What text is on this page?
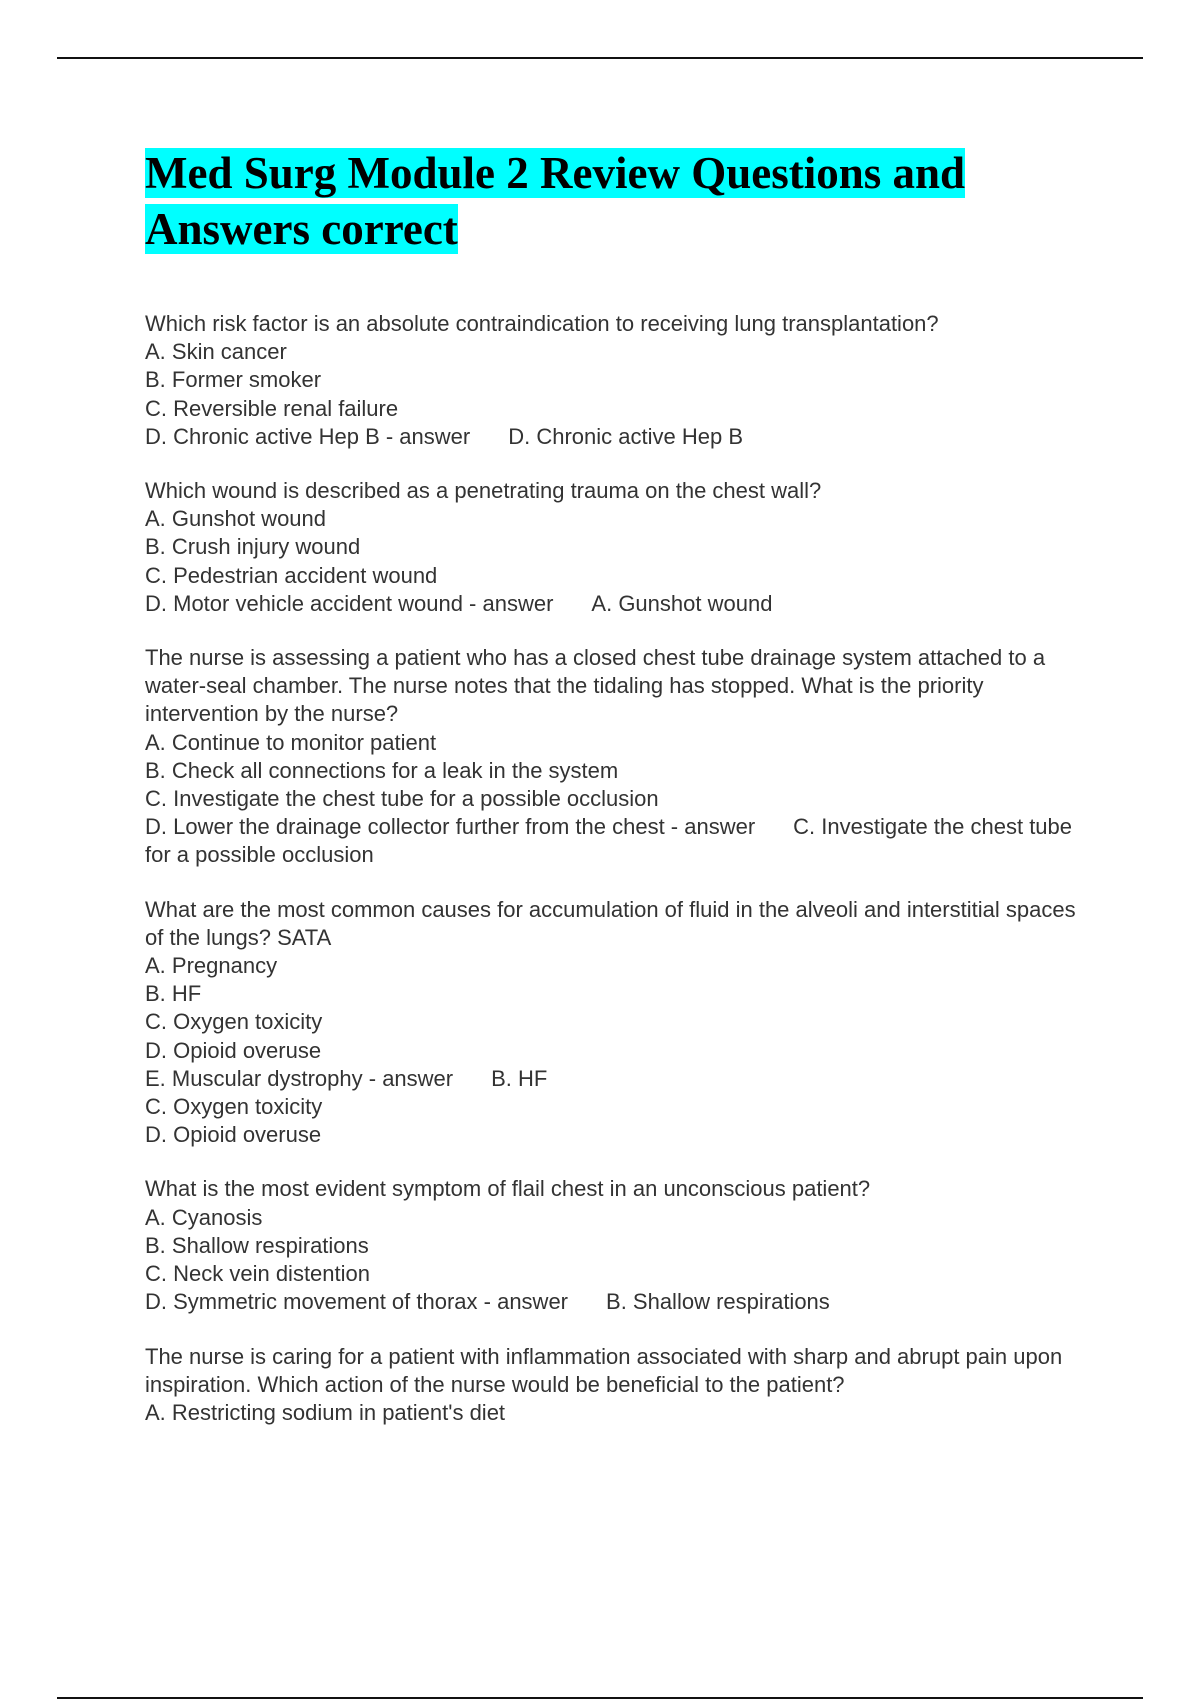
Med Surg Module 2 Review Questions and
Answers correct
Which risk factor is an absolute contraindication to receiving lung transplantation?
A. Skin cancer
B. Former smoker
C. Reversible renal failure
D. Chronic active Hep B - answer D. Chronic active Hep B
Which wound is described as a penetrating trauma on the chest wall?
A. Gunshot wound
B. Crush injury wound
C. Pedestrian accident wound
D. Motor vehicle accident wound - answer A. Gunshot wound
The nurse is assessing a patient who has a closed chest tube drainage system attached to a water-seal chamber. The nurse notes that the tidaling has stopped. What is the priority intervention by the nurse?
A. Continue to monitor patient
B. Check all connections for a leak in the system
C. Investigate the chest tube for a possible occlusion
D. Lower the drainage collector further from the chest - answer C. Investigate the chest tube for a possible occlusion
What are the most common causes for accumulation of fluid in the alveoli and interstitial spaces of the lungs? SATA
A. Pregnancy
B. HF
C. Oxygen toxicity
D. Opioid overuse
E. Muscular dystrophy - answer B. HF
C. Oxygen toxicity
D. Opioid overuse
What is the most evident symptom of flail chest in an unconscious patient?
A. Cyanosis
B. Shallow respirations
C. Neck vein distention
D. Symmetric movement of thorax - answer B. Shallow respirations
The nurse is caring for a patient with inflammation associated with sharp and abrupt pain upon inspiration. Which action of the nurse would be beneficial to the patient?
A. Restricting sodium in patient's diet
